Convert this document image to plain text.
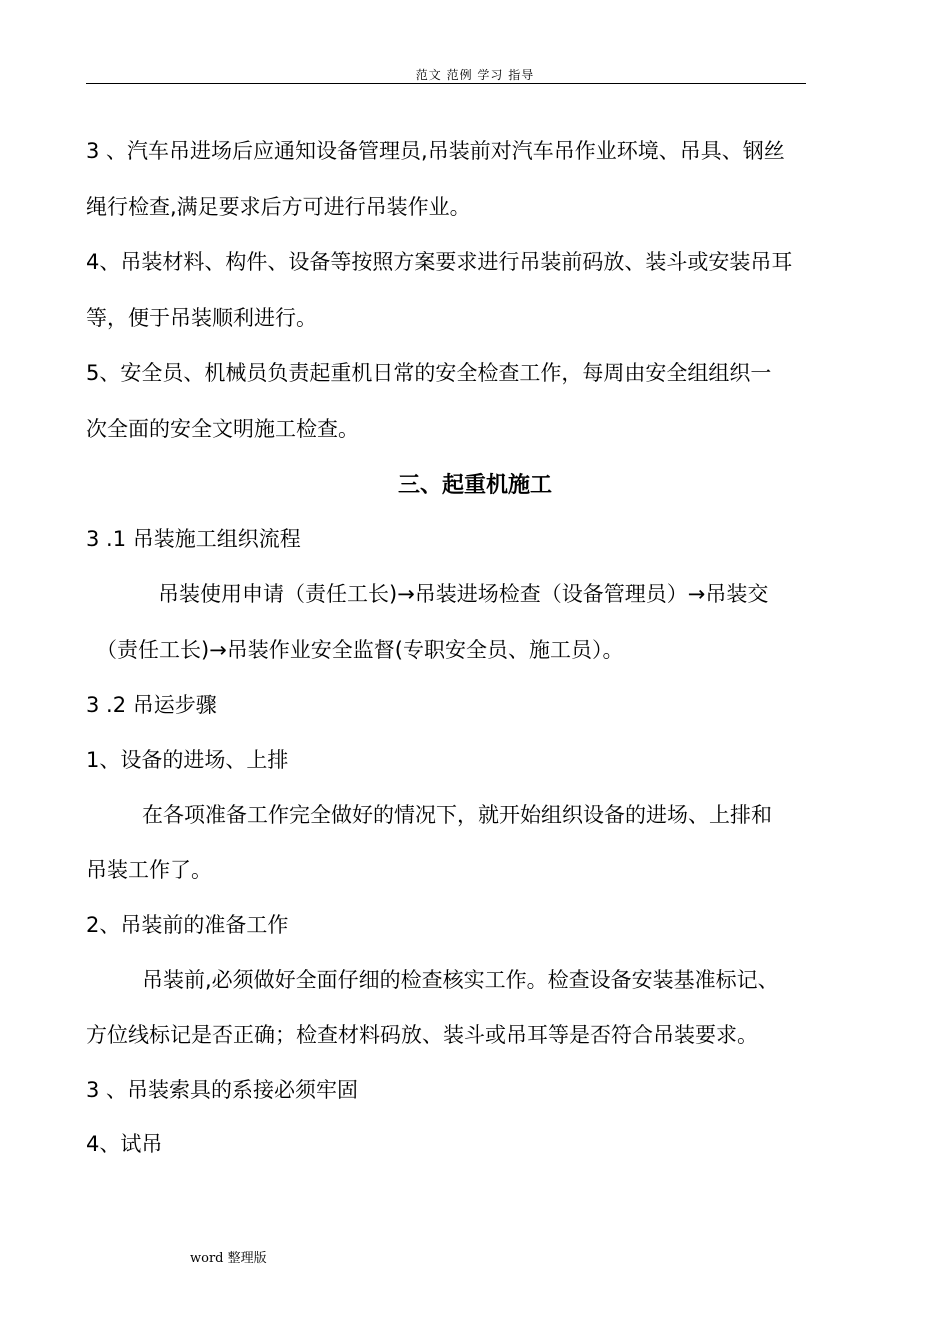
范文 范例 学习 指导
3 、汽车吊进场后应通知设备管理员,吊装前对汽车吊作业环境、吊具、钢丝
绳行检查,满足要求后方可进行吊装作业。
4、吊装材料、构件、设备等按照方案要求进行吊装前码放、装斗或安装吊耳
等，便于吊装顺利进行。
5、安全员、机械员负责起重机日常的安全检查工作，每周由安全组组织一
次全面的安全文明施工检查。
三、起重机施工
3 .1 吊装施工组织流程
吊装使用申请（责任工长)→吊装进场检查（设备管理员）→吊装交
（责任工长)→吊装作业安全监督(专职安全员、施工员）。
3 .2 吊运步骤
1、设备的进场、上排
在各项准备工作完全做好的情况下，就开始组织设备的进场、上排和
吊装工作了。
2、吊装前的准备工作
吊装前,必须做好全面仔细的检查核实工作。检查设备安装基准标记、
方位线标记是否正确；检查材料码放、装斗或吊耳等是否符合吊装要求。
3 、吊装索具的系接必须牢固
4、试吊
word 整理版
